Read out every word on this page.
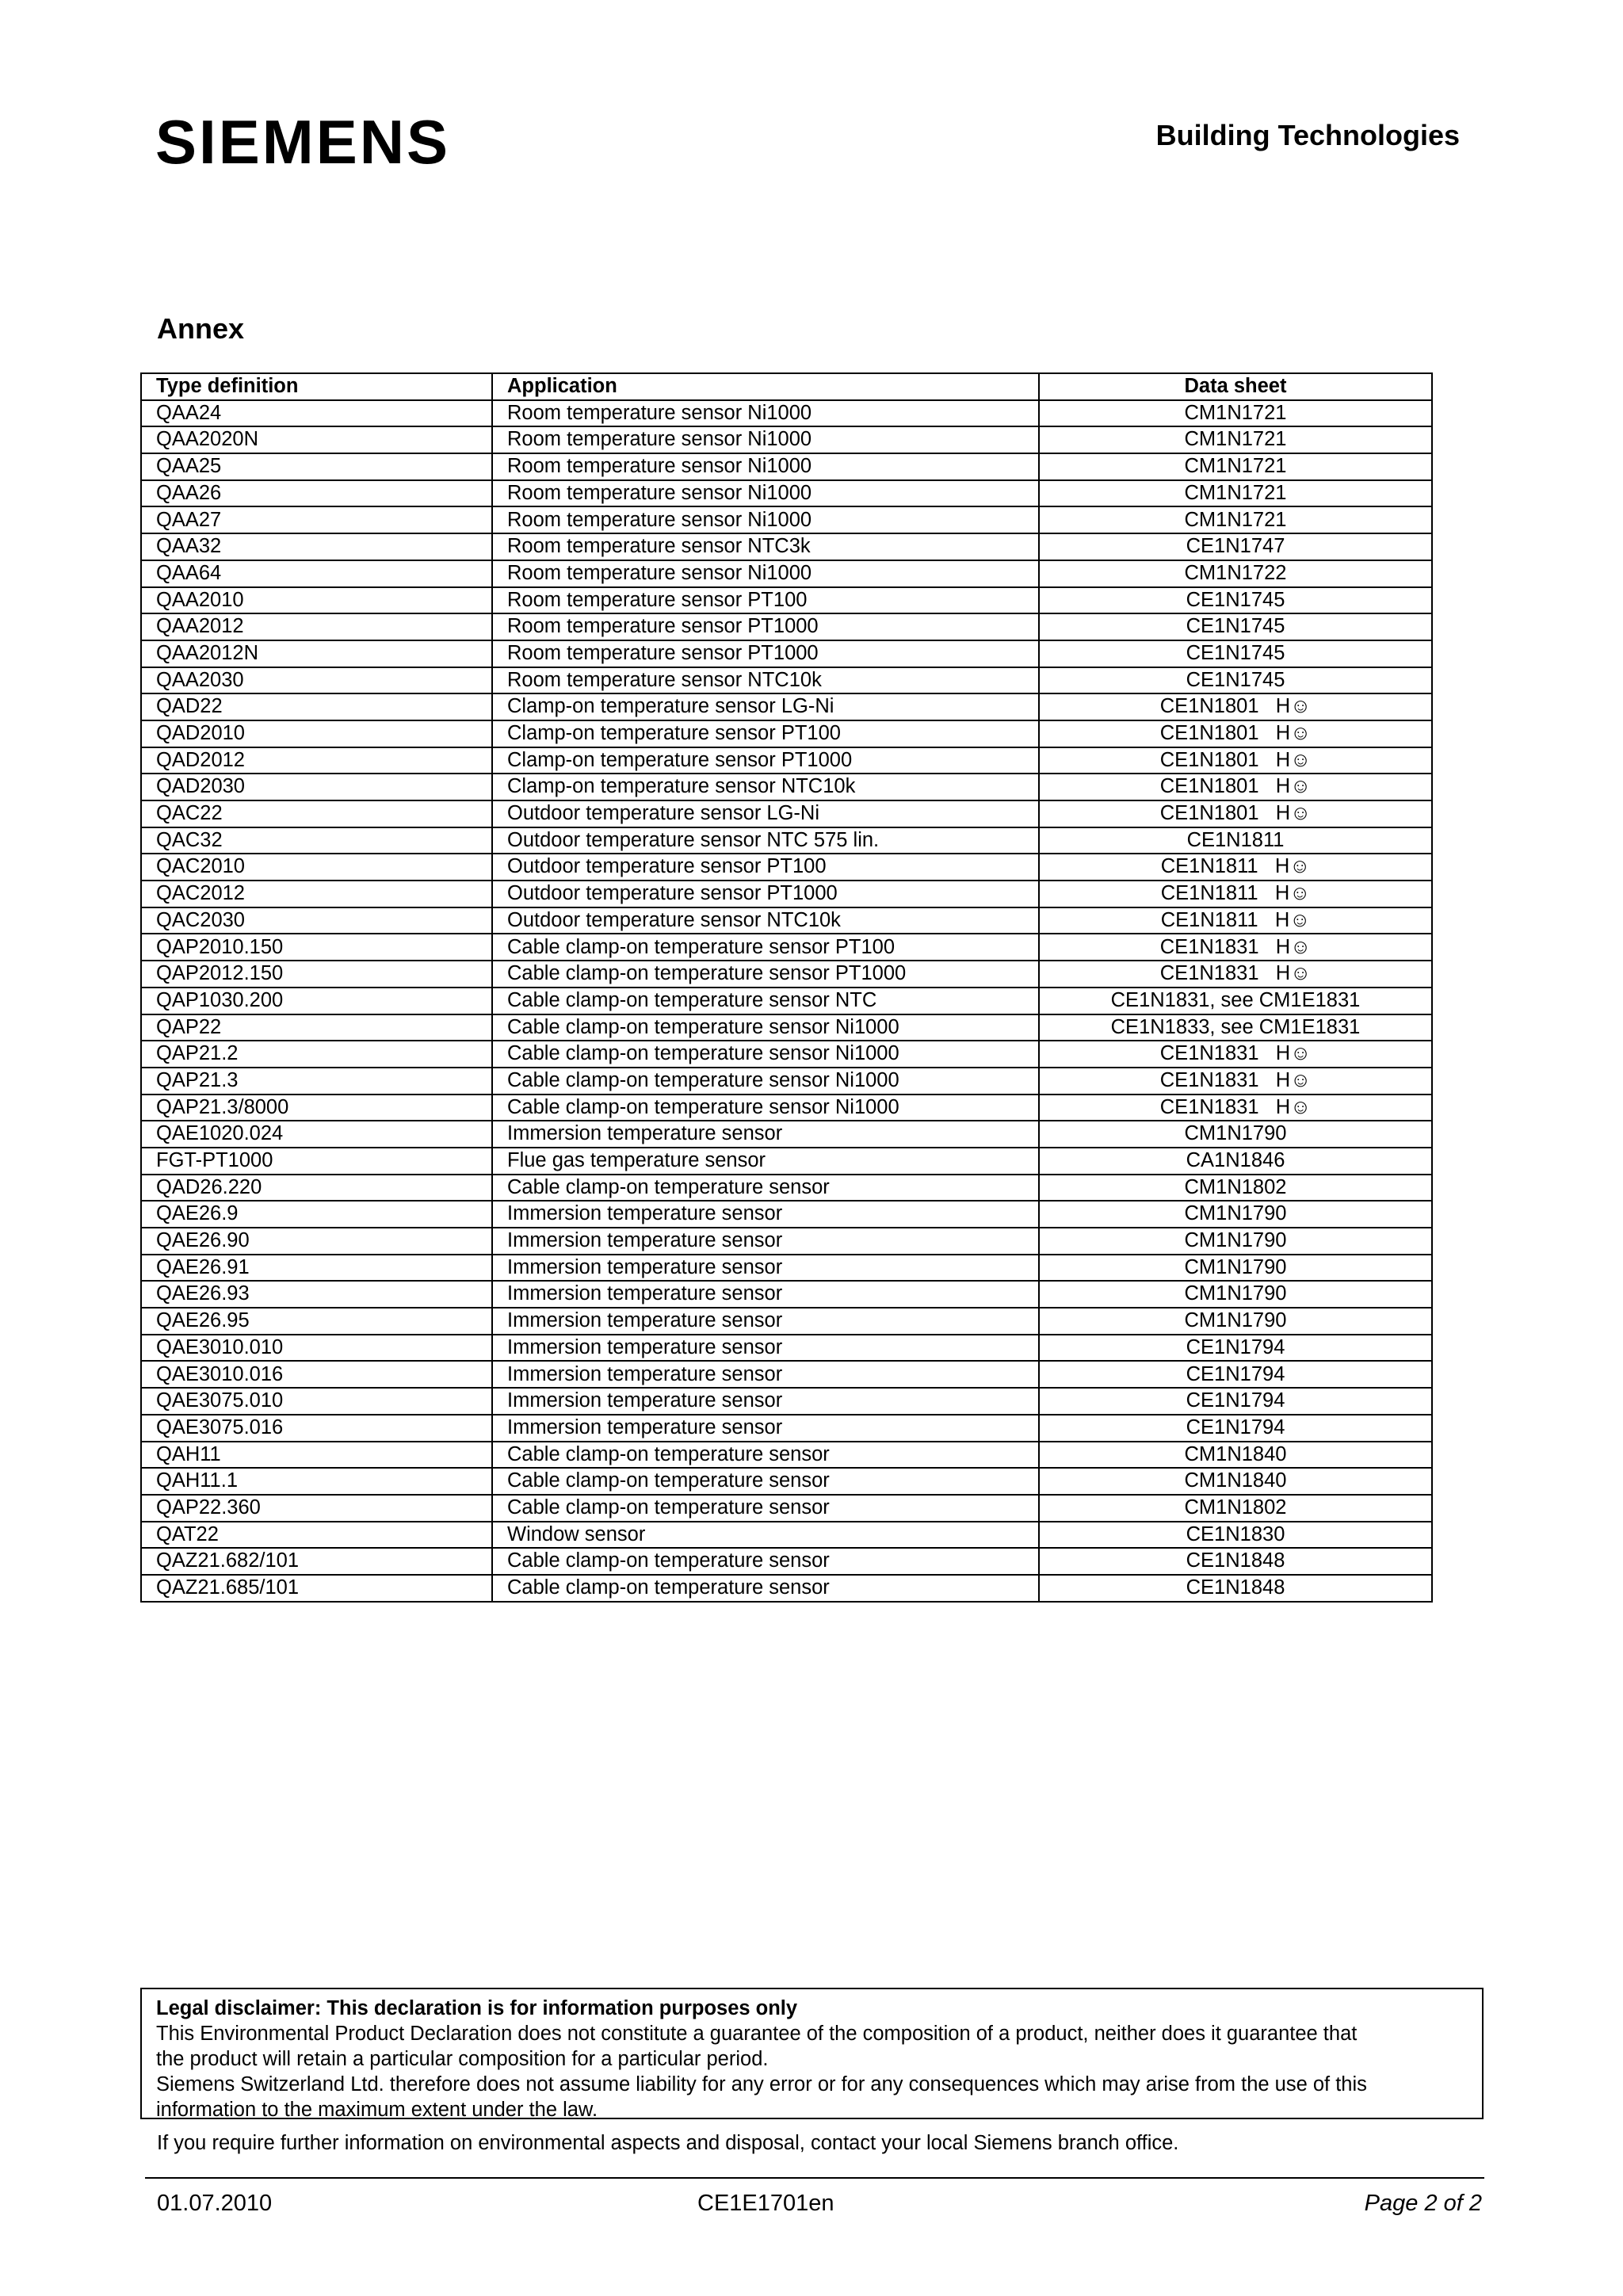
SIEMENS	Building Technologies
Annex
Type definition	Application	Data sheet
QAA24	Room temperature sensor Ni1000	CM1N1721
QAA2020N	Room temperature sensor Ni1000	CM1N1721
QAA25	Room temperature sensor Ni1000	CM1N1721
QAA26	Room temperature sensor Ni1000	CM1N1721
QAA27	Room temperature sensor Ni1000	CM1N1721
QAA32	Room temperature sensor NTC3k	CE1N1747
QAA64	Room temperature sensor Ni1000	CM1N1722
QAA2010	Room temperature sensor PT100	CE1N1745
QAA2012	Room temperature sensor PT1000	CE1N1745
QAA2012N	Room temperature sensor PT1000	CE1N1745
QAA2030	Room temperature sensor NTC10k	CE1N1745
QAD22	Clamp-on temperature sensor LG-Ni	CE1N1801   H☺
QAD2010	Clamp-on temperature sensor PT100	CE1N1801   H☺
QAD2012	Clamp-on temperature sensor PT1000	CE1N1801   H☺
QAD2030	Clamp-on temperature sensor NTC10k	CE1N1801   H☺
QAC22	Outdoor temperature sensor LG-Ni	CE1N1801   H☺
QAC32	Outdoor temperature sensor NTC 575 lin.	CE1N1811
QAC2010	Outdoor temperature sensor PT100	CE1N1811   H☺
QAC2012	Outdoor temperature sensor PT1000	CE1N1811   H☺
QAC2030	Outdoor temperature sensor NTC10k	CE1N1811   H☺
QAP2010.150	Cable clamp-on temperature sensor PT100	CE1N1831   H☺
QAP2012.150	Cable clamp-on temperature sensor PT1000	CE1N1831   H☺
QAP1030.200	Cable clamp-on temperature sensor NTC	CE1N1831, see CM1E1831
QAP22	Cable clamp-on temperature sensor Ni1000	CE1N1833, see CM1E1831
QAP21.2	Cable clamp-on temperature sensor Ni1000	CE1N1831   H☺
QAP21.3	Cable clamp-on temperature sensor Ni1000	CE1N1831   H☺
QAP21.3/8000	Cable clamp-on temperature sensor Ni1000	CE1N1831   H☺
QAE1020.024	Immersion temperature sensor	CM1N1790
FGT-PT1000	Flue gas temperature sensor	CA1N1846
QAD26.220	Cable clamp-on temperature sensor	CM1N1802
QAE26.9	Immersion temperature sensor	CM1N1790
QAE26.90	Immersion temperature sensor	CM1N1790
QAE26.91	Immersion temperature sensor	CM1N1790
QAE26.93	Immersion temperature sensor	CM1N1790
QAE26.95	Immersion temperature sensor	CM1N1790
QAE3010.010	Immersion temperature sensor	CE1N1794
QAE3010.016	Immersion temperature sensor	CE1N1794
QAE3075.010	Immersion temperature sensor	CE1N1794
QAE3075.016	Immersion temperature sensor	CE1N1794
QAH11	Cable clamp-on temperature sensor	CM1N1840
QAH11.1	Cable clamp-on temperature sensor	CM1N1840
QAP22.360	Cable clamp-on temperature sensor	CM1N1802
QAT22	Window sensor	CE1N1830
QAZ21.682/101	Cable clamp-on temperature sensor	CE1N1848
QAZ21.685/101	Cable clamp-on temperature sensor	CE1N1848
Legal disclaimer: This declaration is for information purposes only
This Environmental Product Declaration does not constitute a guarantee of the composition of a product, neither does it guarantee that
the product will retain a particular composition for a particular period.
Siemens Switzerland Ltd. therefore does not assume liability for any error or for any consequences which may arise from the use of this
information to the maximum extent under the law.
If you require further information on environmental aspects and disposal, contact your local Siemens branch office.
01.07.2010	CE1E1701en	Page 2 of 2
